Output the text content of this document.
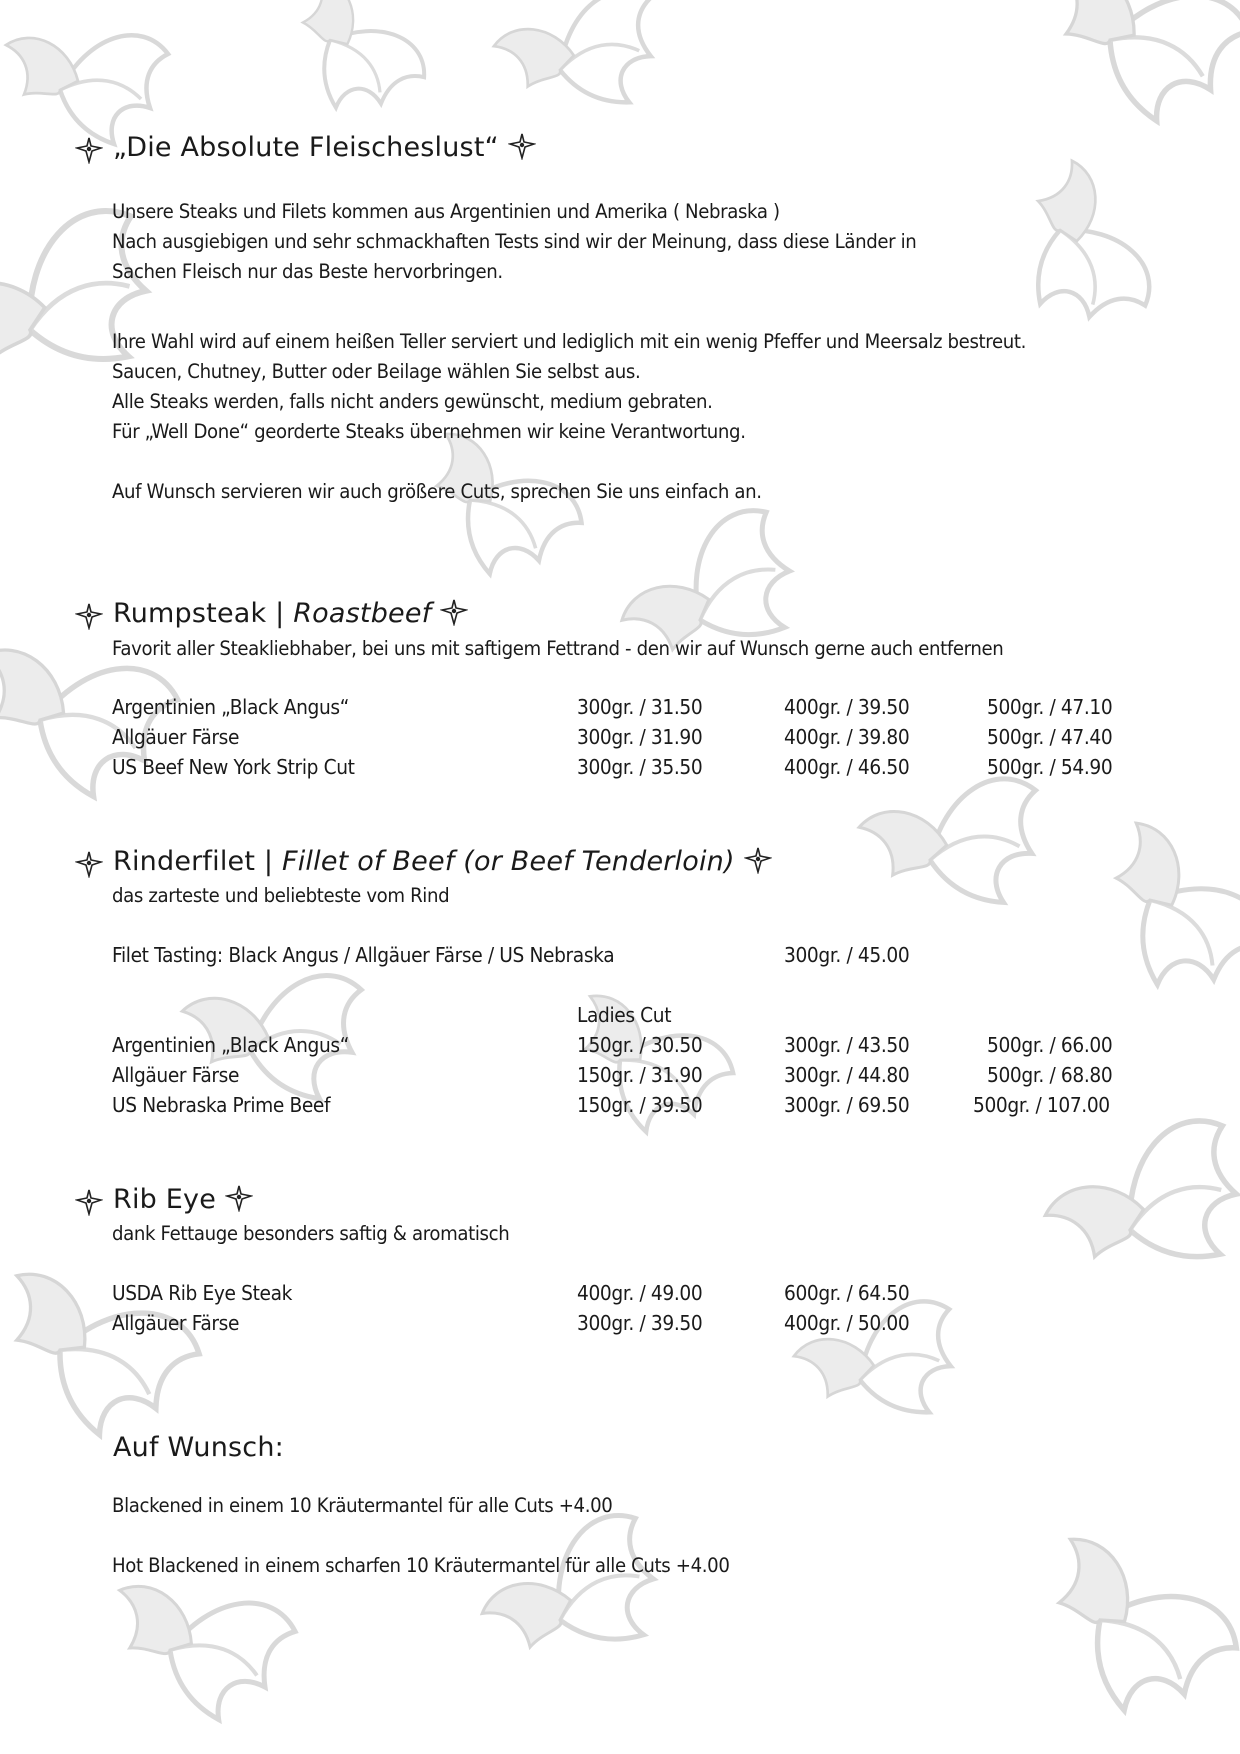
„Die Absolute Fleischeslust“
Unsere Steaks und Filets kommen aus Argentinien und Amerika ( Nebraska )
Nach ausgiebigen und sehr schmackhaften Tests sind wir der Meinung, dass diese Länder in
Sachen Fleisch nur das Beste hervorbringen.
Ihre Wahl wird auf einem heißen Teller serviert und lediglich mit ein wenig Pfeffer und Meersalz bestreut.
Saucen, Chutney, Butter oder Beilage wählen Sie selbst aus.
Alle Steaks werden, falls nicht anders gewünscht, medium gebraten.
Für „Well Done“ georderte Steaks übernehmen wir keine Verantwortung.
Auf Wunsch servieren wir auch größere Cuts, sprechen Sie uns einfach an.
Rumpsteak | Roastbeef
Favorit aller Steakliebhaber, bei uns mit saftigem Fettrand - den wir auf Wunsch gerne auch entfernen
Argentinien „Black Angus“	300gr. / 31.50	400gr. / 39.50	500gr. / 47.10
Allgäuer Färse	300gr. / 31.90	400gr. / 39.80	500gr. / 47.40
US Beef New York Strip Cut	300gr. / 35.50	400gr. / 46.50	500gr. / 54.90
Rinderfilet | Fillet of Beef (or Beef Tenderloin)
das zarteste und beliebteste vom Rind
Filet Tasting: Black Angus / Allgäuer Färse / US Nebraska	300gr. / 45.00
Ladies Cut
Argentinien „Black Angus“	150gr. / 30.50	300gr. / 43.50	500gr. / 66.00
Allgäuer Färse	150gr. / 31.90	300gr. / 44.80	500gr. / 68.80
US Nebraska Prime Beef	150gr. / 39.50	300gr. / 69.50	500gr. / 107.00
Rib Eye
dank Fettauge besonders saftig & aromatisch
USDA Rib Eye Steak	400gr. / 49.00	600gr. / 64.50
Allgäuer Färse	300gr. / 39.50	400gr. / 50.00
Auf Wunsch:
Blackened in einem 10 Kräutermantel für alle Cuts +4.00
Hot Blackened in einem scharfen 10 Kräutermantel für alle Cuts +4.00
